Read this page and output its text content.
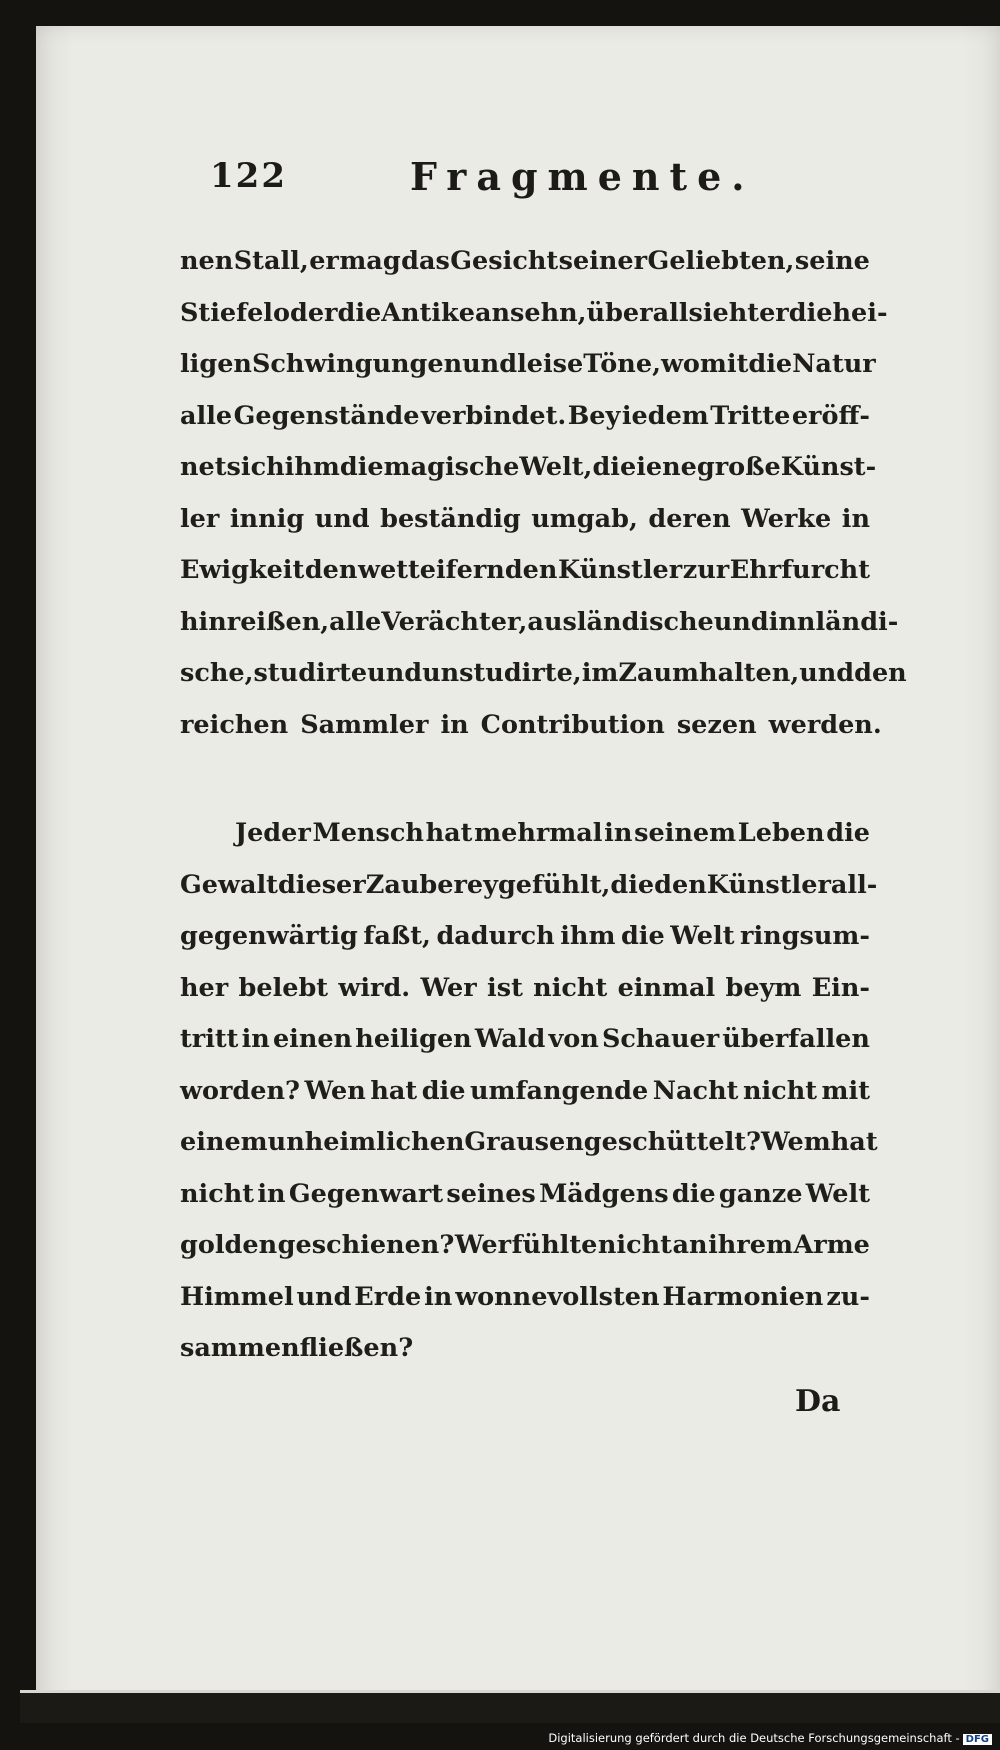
122	Fragmente.
nen Stall, er mag das Gesicht seiner Geliebten, seine
Stiefel oder die Antike ansehn, überall sieht er die hei-
ligen Schwingungen und leise Töne, womit die Natur
alle Gegenstände verbindet. Bey iedem Tritte eröff-
net sich ihm die magische Welt, die iene große Künst-
ler innig und beständig umgab, deren Werke in
Ewigkeit den wetteifernden Künstler zur Ehrfurcht
hinreißen, alle Verächter, ausländische und innländi-
sche, studirte und unstudirte, im Zaum halten, und den
reichen Sammler in Contribution sezen werden.
Jeder Mensch hat mehrmal in seinem Leben die
Gewalt dieser Zauberey gefühlt, die den Künstler all-
gegenwärtig faßt, dadurch ihm die Welt ringsum-
her belebt wird. Wer ist nicht einmal beym Ein-
tritt in einen heiligen Wald von Schauer überfallen
worden? Wen hat die umfangende Nacht nicht mit
einem unheimlichen Grausen geschüttelt? Wem hat
nicht in Gegenwart seines Mädgens die ganze Welt
golden geschienen? Wer fühlte nicht an ihrem Arme
Himmel und Erde in wonnevollsten Harmonien zu-
sammenfließen?
Da
Digitalisierung gefördert durch die Deutsche Forschungsgemeinschaft - DFG
